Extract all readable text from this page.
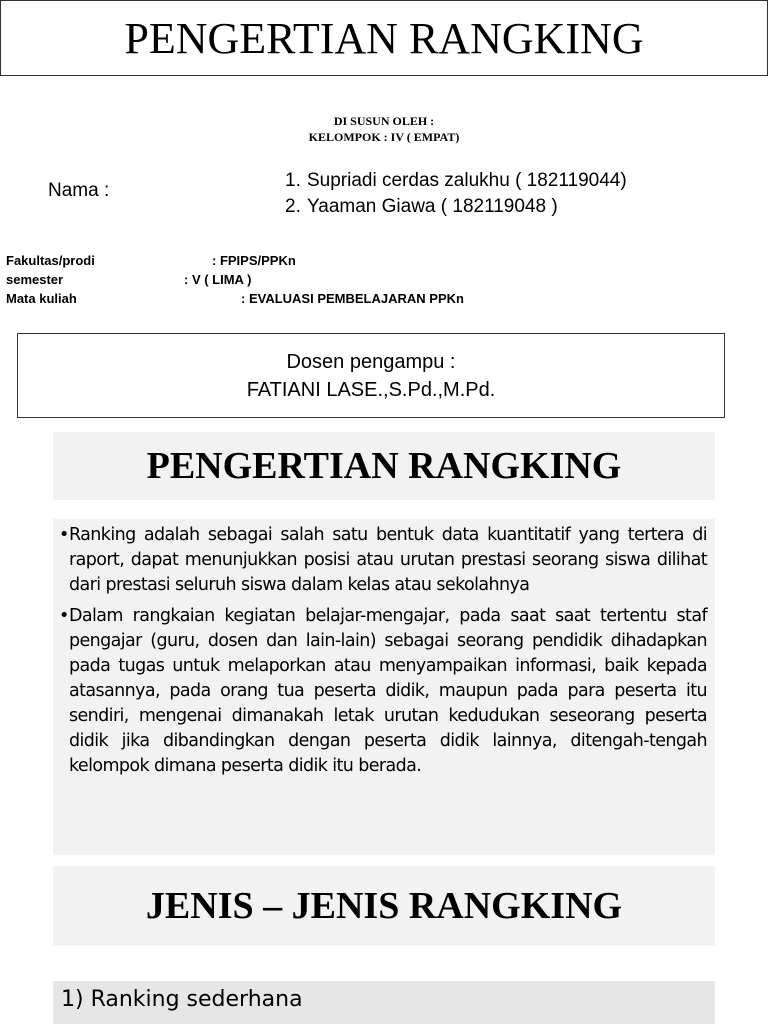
PENGERTIAN RANGKING
DI SUSUN OLEH :
KELOMPOK : IV ( EMPAT)
Nama :	1. Supriadi cerdas zalukhu ( 182119044)
2. Yaaman Giawa ( 182119048 )
Fakultas/prodi	: FPIPS/PPKn
semester	: V ( LIMA )
Mata kuliah	: EVALUASI PEMBELAJARAN PPKn
Dosen pengampu :
FATIANI LASE.,S.Pd.,M.Pd.
PENGERTIAN RANGKING
• Ranking adalah sebagai salah satu bentuk data kuantitatif yang tertera di raport, dapat menunjukkan posisi atau urutan prestasi seorang siswa dilihat dari prestasi seluruh siswa dalam kelas atau sekolahnya
• Dalam rangkaian kegiatan belajar-mengajar, pada saat saat tertentu staf pengajar (guru, dosen dan lain-lain) sebagai seorang pendidik dihadapkan pada tugas untuk melaporkan atau menyampaikan informasi, baik kepada atasannya, pada orang tua peserta didik, maupun pada para peserta itu sendiri, mengenai dimanakah letak urutan kedudukan seseorang peserta didik jika dibandingkan dengan peserta didik lainnya, ditengah-tengah kelompok dimana peserta didik itu berada.
JENIS – JENIS RANGKING
1) Ranking sederhana
